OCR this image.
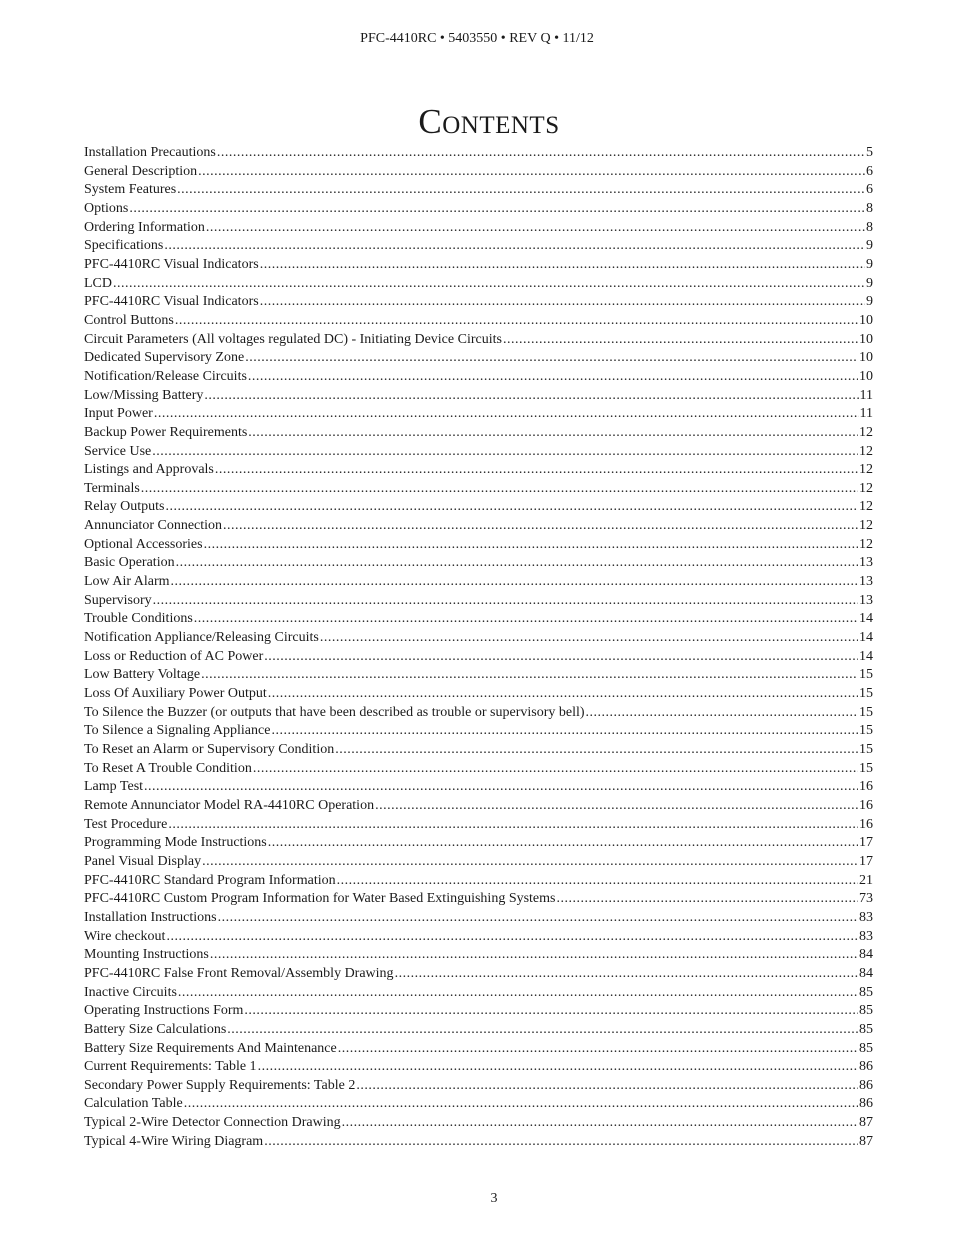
PFC-4410RC • 5403550 • REV Q • 11/12
Contents
Installation Precautions .....	5
General Description .....	6
System Features .....	6
Options .....	8
Ordering Information .....	8
Specifications .....	9
PFC-4410RC Visual Indicators .....	9
LCD .....	9
PFC-4410RC Visual Indicators .....	9
Control Buttons .....	10
Circuit Parameters (All voltages regulated DC) - Initiating Device Circuits .....	10
Dedicated Supervisory Zone .....	10
Notification/Release Circuits .....	10
Low/Missing Battery .....	11
Input Power .....	11
Backup Power Requirements .....	12
Service Use .....	12
Listings and Approvals .....	12
Terminals .....	12
Relay Outputs .....	12
Annunciator Connection .....	12
Optional Accessories .....	12
Basic Operation .....	13
Low Air Alarm .....	13
Supervisory .....	13
Trouble Conditions .....	14
Notification Appliance/Releasing Circuits .....	14
Loss or Reduction of AC Power .....	14
Low Battery Voltage .....	15
Loss Of Auxiliary Power Output .....	15
To Silence the Buzzer (or outputs that have been described as trouble or supervisory bell) .....	15
To Silence a Signaling Appliance .....	15
To Reset an Alarm or Supervisory Condition .....	15
To Reset A Trouble Condition .....	15
Lamp Test .....	16
Remote Annunciator Model RA-4410RC Operation .....	16
Test Procedure .....	16
Programming Mode Instructions .....	17
Panel Visual Display .....	17
PFC-4410RC Standard Program Information .....	21
PFC-4410RC Custom Program Information for Water Based Extinguishing Systems .....	73
Installation Instructions .....	83
Wire checkout .....	83
Mounting Instructions .....	84
PFC-4410RC False Front Removal/Assembly Drawing .....	84
Inactive Circuits .....	85
Operating Instructions Form .....	85
Battery Size Calculations .....	85
Battery Size Requirements And Maintenance .....	85
Current Requirements: Table 1 .....	86
Secondary Power Supply Requirements: Table 2 .....	86
Calculation Table .....	86
Typical 2-Wire Detector Connection Drawing .....	87
Typical 4-Wire Wiring Diagram .....	87
3
